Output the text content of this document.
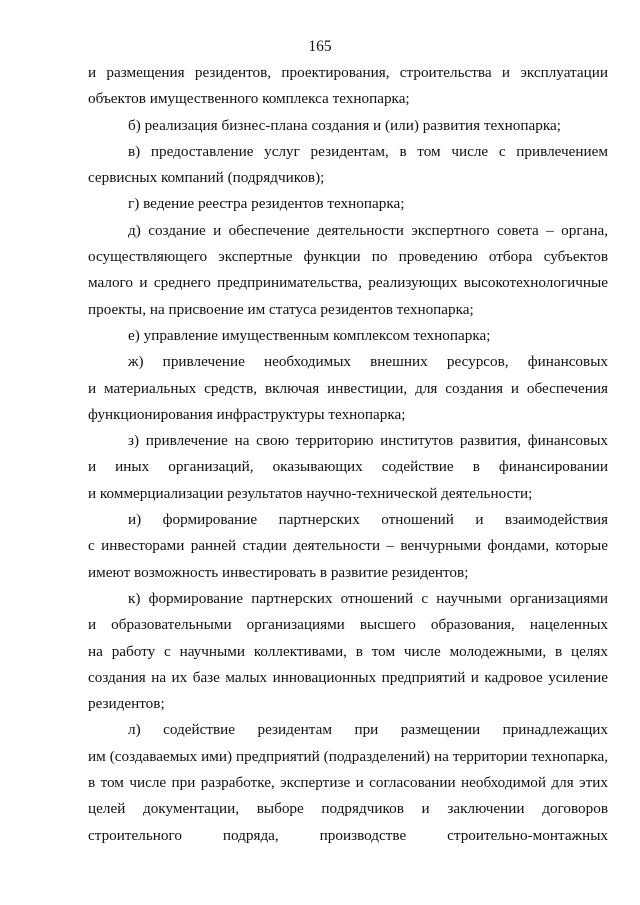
165
и размещения резидентов, проектирования, строительства и эксплуатации
объектов имущественного комплекса технопарка;
б) реализация бизнес-плана создания и (или) развития технопарка;
в) предоставление услуг резидентам, в том числе с привлечением
сервисных компаний (подрядчиков);
г) ведение реестра резидентов технопарка;
д) создание и обеспечение деятельности экспертного совета – органа,
осуществляющего экспертные функции по проведению отбора субъектов
малого и среднего предпринимательства, реализующих высокотехнологичные
проекты, на присвоение им статуса резидентов технопарка;
е) управление имущественным комплексом технопарка;
ж) привлечение необходимых внешних ресурсов, финансовых
и материальных средств, включая инвестиции, для создания и обеспечения
функционирования инфраструктуры технопарка;
з) привлечение на свою территорию институтов развития, финансовых
и иных организаций, оказывающих содействие в финансировании
и коммерциализации результатов научно-технической деятельности;
и) формирование партнерских отношений и взаимодействия
с инвесторами ранней стадии деятельности – венчурными фондами, которые
имеют возможность инвестировать в развитие резидентов;
к) формирование партнерских отношений с научными организациями
и образовательными организациями высшего образования, нацеленных
на работу с научными коллективами, в том числе молодежными, в целях
создания на их базе малых инновационных предприятий и кадровое усиление
резидентов;
л) содействие резидентам при размещении принадлежащих
им (создаваемых ими) предприятий (подразделений) на территории технопарка,
в том числе при разработке, экспертизе и согласовании необходимой для этих
целей документации, выборе подрядчиков и заключении договоров
строительного подряда, производстве строительно-монтажных
